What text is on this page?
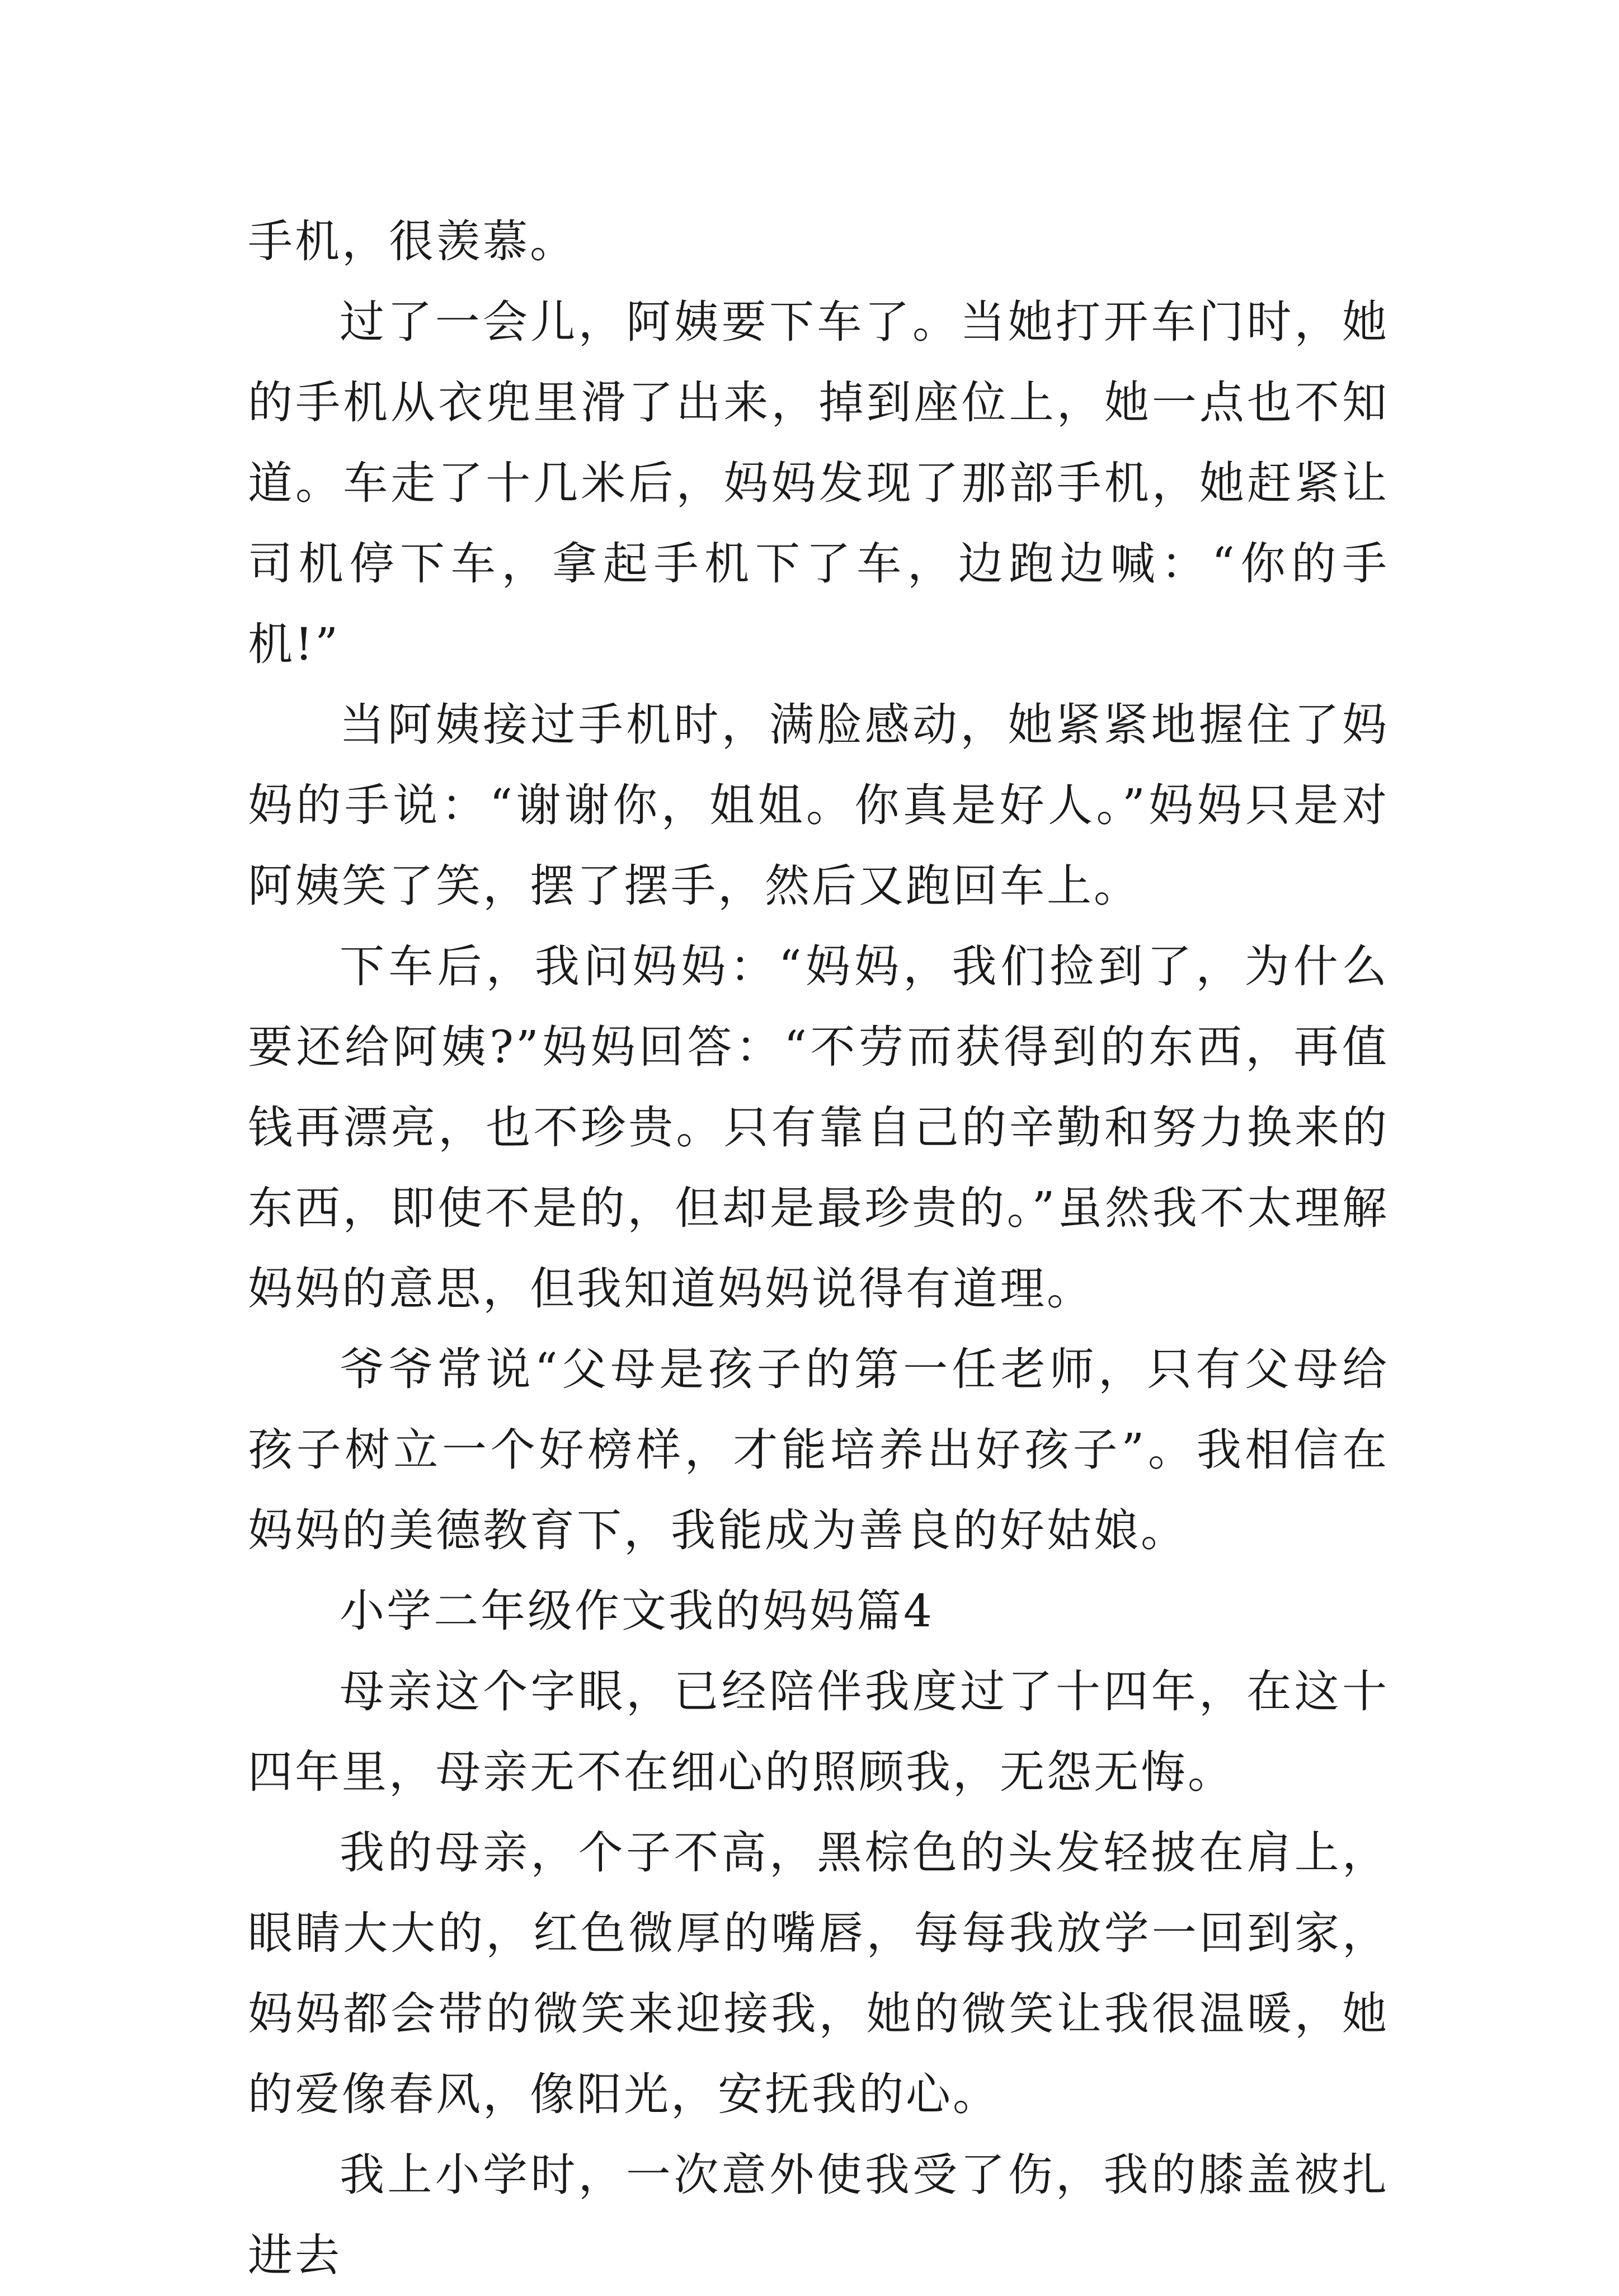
手机，很羡慕。

过了一会儿，阿姨要下车了。当她打开车门时，她的手机从衣兜里滑了出来，掉到座位上，她一点也不知道。车走了十几米后，妈妈发现了那部手机，她赶紧让司机停下车，拿起手机下了车，边跑边喊：“你的手机!”

当阿姨接过手机时，满脸感动，她紧紧地握住了妈妈的手说：“谢谢你，姐姐。你真是好人。”妈妈只是对阿姨笑了笑，摆了摆手，然后又跑回车上。

下车后，我问妈妈：“妈妈，我们捡到了，为什么要还给阿姨?”妈妈回答：“不劳而获得到的东西，再值钱再漂亮，也不珍贵。只有靠自己的辛勤和努力换来的东西，即使不是的，但却是最珍贵的。”虽然我不太理解妈妈的意思，但我知道妈妈说得有道理。

爷爷常说“父母是孩子的第一任老师，只有父母给孩子树立一个好榜样，才能培养出好孩子”。我相信在妈妈的美德教育下，我能成为善良的好姑娘。

小学二年级作文我的妈妈篇4

母亲这个字眼，已经陪伴我度过了十四年，在这十四年里，母亲无不在细心的照顾我，无怨无悔。

我的母亲，个子不高，黑棕色的头发轻披在肩上，眼睛大大的，红色微厚的嘴唇，每每我放学一回到家，妈妈都会带的微笑来迎接我，她的微笑让我很温暖，她的爱像春风，像阳光，安抚我的心。

我上小学时，一次意外使我受了伤，我的膝盖被扎进去
